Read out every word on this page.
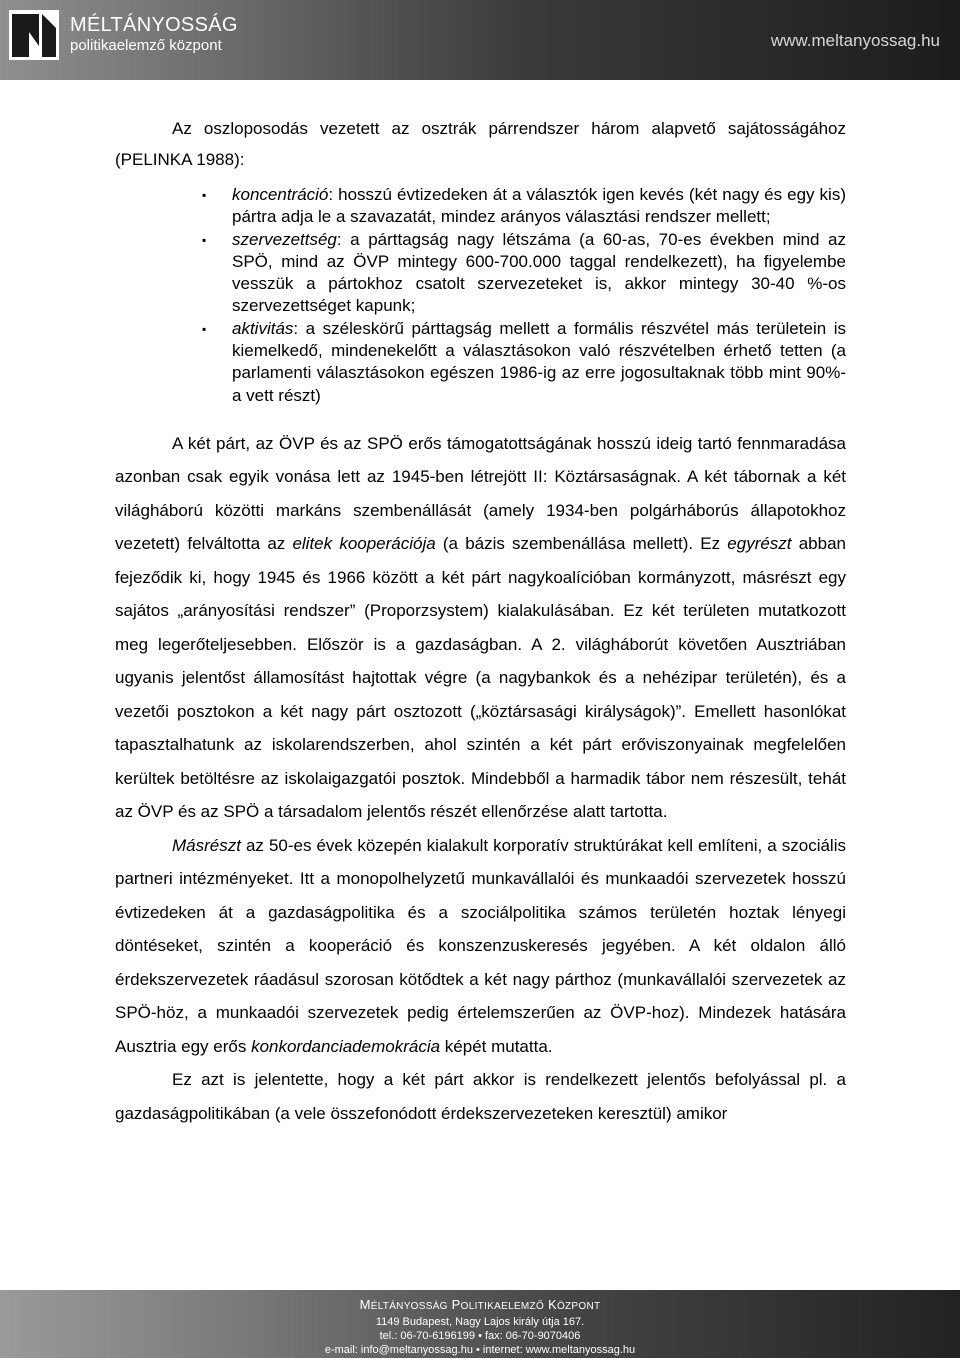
MÉLTÁNYOSSÁG
politikaelemző központ	www.meltanyossag.hu

Az oszloposodás vezetett az osztrák párrendszer három alapvető sajátosságához (PELINKA 1988):

▪ koncentráció: hosszú évtizedeken át a választók igen kevés (két nagy és egy kis) pártra adja le a szavazatát, mindez arányos választási rendszer mellett;
▪ szervezettség: a párttagság nagy létszáma (a 60-as, 70-es években mind az SPÖ, mind az ÖVP mintegy 600-700.000 taggal rendelkezett), ha figyelembe vesszük a pártokhoz csatolt szervezeteket is, akkor mintegy 30-40 %-os szervezettséget kapunk;
▪ aktivitás: a széleskörű párttagság mellett a formális részvétel más területein is kiemelkedő, mindenekelőtt a választásokon való részvételben érhető tetten (a parlamenti választásokon egészen 1986-ig az erre jogosultaknak több mint 90%-a vett részt)

A két párt, az ÖVP és az SPÖ erős támogatottságának hosszú ideig tartó fennmaradása azonban csak egyik vonása lett az 1945-ben létrejött II: Köztársaságnak. A két tábornak a két világháború közötti markáns szembenállását (amely 1934-ben polgárháborús állapotokhoz vezetett) felváltotta az elitek kooperációja (a bázis szembenállása mellett). Ez egyrészt abban fejeződik ki, hogy 1945 és 1966 között a két párt nagykoalícióban kormányzott, másrészt egy sajátos „arányosítási rendszer” (Proporzsystem) kialakulásában. Ez két területen mutatkozott meg legerőteljesebben. Először is a gazdaságban. A 2. világháborút követően Ausztriában ugyanis jelentőst államosítást hajtottak végre (a nagybankok és a nehézipar területén), és a vezetői posztokon a két nagy párt osztozott („köztársasági királyságok)”. Emellett hasonlókat tapasztalhatunk az iskolarendszerben, ahol szintén a két párt erőviszonyainak megfelelően kerültek betöltésre az iskolaigazgatói posztok. Mindebből a harmadik tábor nem részesült, tehát az ÖVP és az SPÖ a társadalom jelentős részét ellenőrzése alatt tartotta.

Másrészt az 50-es évek közepén kialakult korporatív struktúrákat kell említeni, a szociális partneri intézményeket. Itt a monopolhelyzetű munkavállalói és munkaadói szervezetek hosszú évtizedeken át a gazdaságpolitika és a szociálpolitika számos területén hoztak lényegi döntéseket, szintén a kooperáció és konszenzuskeresés jegyében. A két oldalon álló érdekszervezetek ráadásul szorosan kötődtek a két nagy párthoz (munkavállalói szervezetek az SPÖ-höz, a munkaadói szervezetek pedig értelemszerűen az ÖVP-hoz). Mindezek hatására Ausztria egy erős konkordanciademokrácia képét mutatta.

Ez azt is jelentette, hogy a két párt akkor is rendelkezett jelentős befolyással pl. a gazdaságpolitikában (a vele összefonódott érdekszervezeteken keresztül) amikor

MÉLTÁNYOSSÁG POLITIKAELEMZŐ KÖZPONT
1149 Budapest, Nagy Lajos király útja 167.
tel.: 06-70-6196199 • fax: 06-70-9070406
e-mail: info@meltanyossag.hu • internet: www.meltanyossag.hu
